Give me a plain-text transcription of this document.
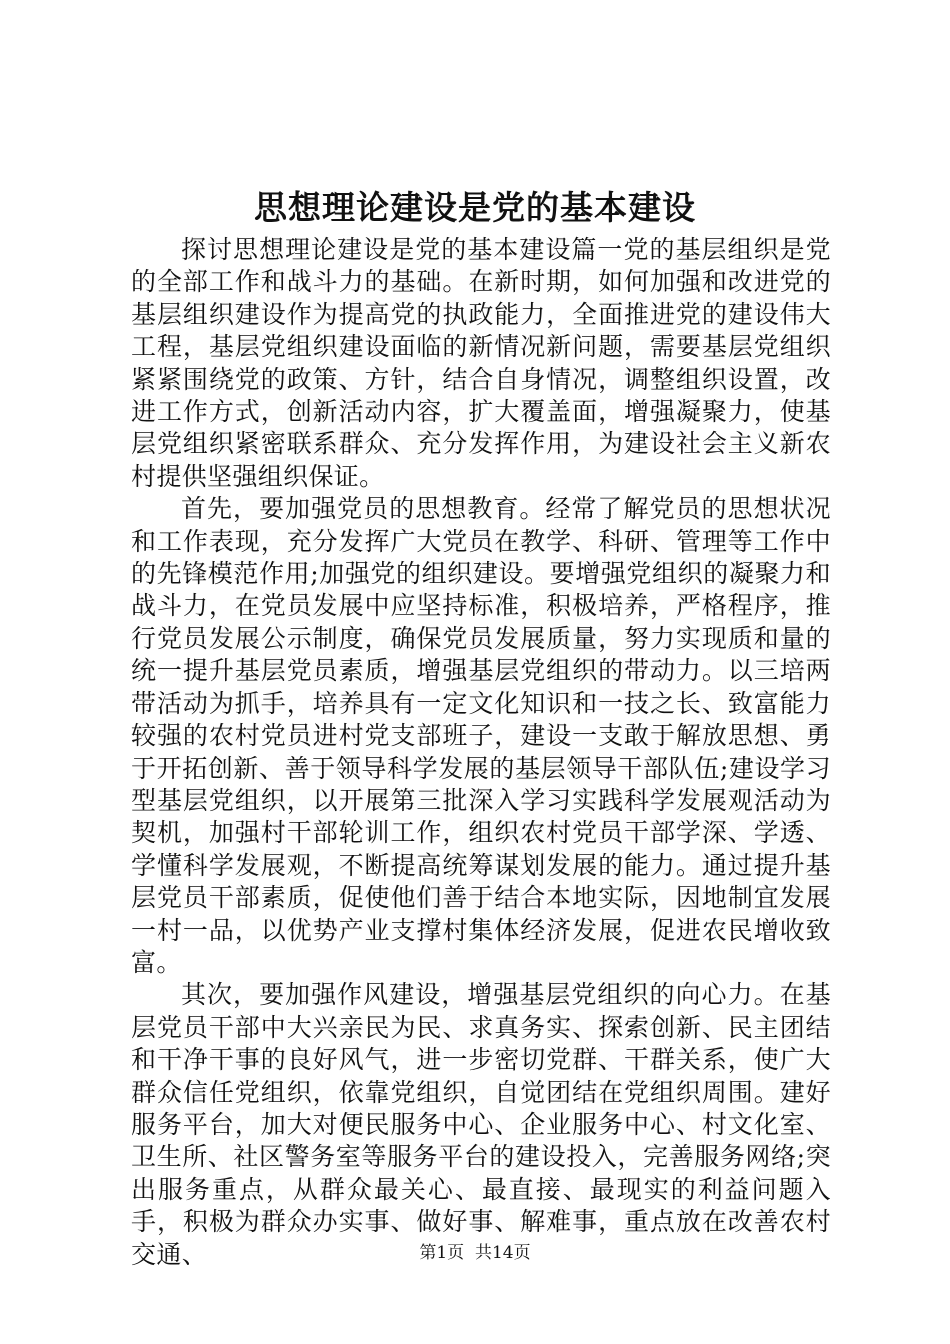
思想理论建设是党的基本建设

探讨思想理论建设是党的基本建设篇一党的基层组织是党的全部工作和战斗力的基础。在新时期，如何加强和改进党的基层组织建设作为提高党的执政能力，全面推进党的建设伟大工程，基层党组织建设面临的新情况新问题，需要基层党组织紧紧围绕党的政策、方针，结合自身情况，调整组织设置，改进工作方式，创新活动内容，扩大覆盖面，增强凝聚力，使基层党组织紧密联系群众、充分发挥作用，为建设社会主义新农村提供坚强组织保证。

首先，要加强党员的思想教育。经常了解党员的思想状况和工作表现，充分发挥广大党员在教学、科研、管理等工作中的先锋模范作用;加强党的组织建设。要增强党组织的凝聚力和战斗力，在党员发展中应坚持标准，积极培养，严格程序，推行党员发展公示制度，确保党员发展质量，努力实现质和量的统一提升基层党员素质，增强基层党组织的带动力。以三培两带活动为抓手，培养具有一定文化知识和一技之长、致富能力较强的农村党员进村党支部班子，建设一支敢于解放思想、勇于开拓创新、善于领导科学发展的基层领导干部队伍;建设学习型基层党组织，以开展第三批深入学习实践科学发展观活动为契机，加强村干部轮训工作，组织农村党员干部学深、学透、学懂科学发展观，不断提高统筹谋划发展的能力。通过提升基层党员干部素质，促使他们善于结合本地实际，因地制宜发展一村一品，以优势产业支撑村集体经济发展，促进农民增收致富。

其次，要加强作风建设，增强基层党组织的向心力。在基层党员干部中大兴亲民为民、求真务实、探索创新、民主团结和干净干事的良好风气，进一步密切党群、干群关系，使广大群众信任党组织，依靠党组织，自觉团结在党组织周围。建好服务平台，加大对便民服务中心、企业服务中心、村文化室、卫生所、社区警务室等服务平台的建设投入，完善服务网络;突出服务重点，从群众最关心、最直接、最现实的利益问题入手，积极为群众办实事、做好事、解难事，重点放在改善农村交通、	第1页  共14页
